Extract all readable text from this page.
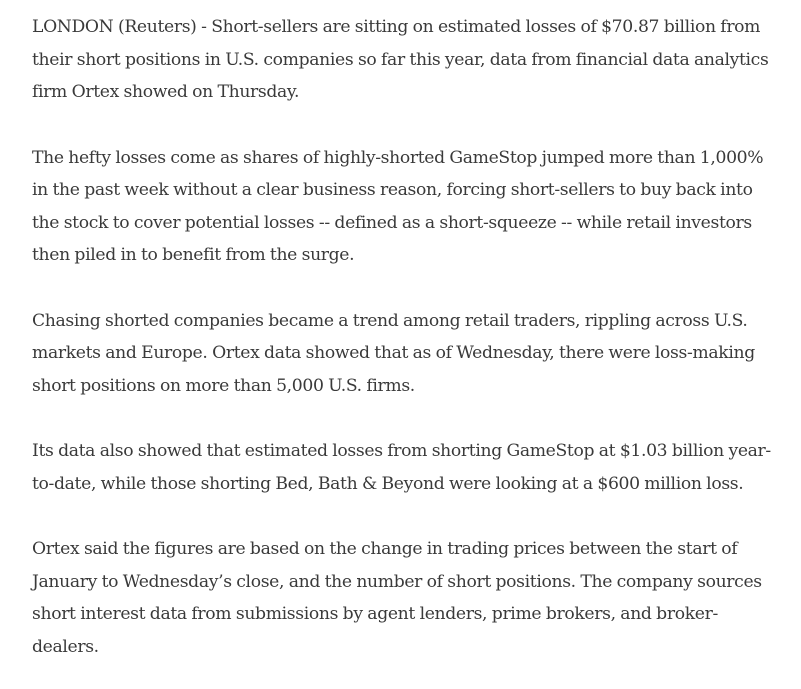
LONDON (Reuters) - Short-sellers are sitting on estimated losses of $70.87 billion from their short positions in U.S. companies so far this year, data from financial data analytics firm Ortex showed on Thursday.

The hefty losses come as shares of highly-shorted GameStop jumped more than 1,000% in the past week without a clear business reason, forcing short-sellers to buy back into the stock to cover potential losses -- defined as a short-squeeze -- while retail investors then piled in to benefit from the surge.

Chasing shorted companies became a trend among retail traders, rippling across U.S. markets and Europe. Ortex data showed that as of Wednesday, there were loss-making short positions on more than 5,000 U.S. firms.

Its data also showed that estimated losses from shorting GameStop at $1.03 billion year-to-date, while those shorting Bed, Bath & Beyond were looking at a $600 million loss.

Ortex said the figures are based on the change in trading prices between the start of January to Wednesday’s close, and the number of short positions. The company sources short interest data from submissions by agent lenders, prime brokers, and broker-dealers.
